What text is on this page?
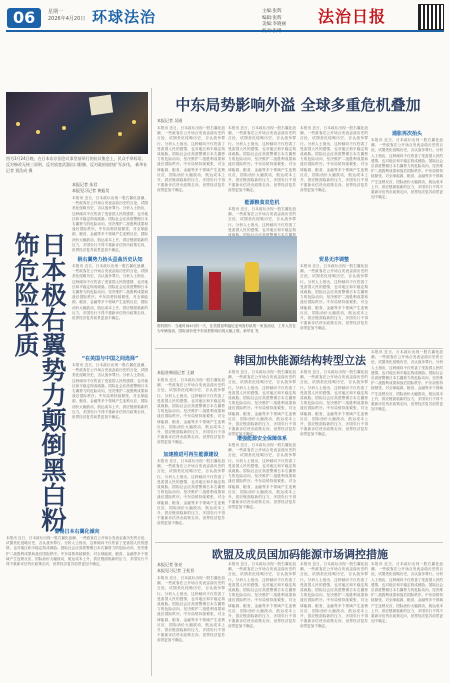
06	星期一
2026年4月20日 环球法治	主编:张辉
编辑:张辉
美编:李晓丽 法治日报
图为3月24日晚，在日本东京国会议事堂前举行的抗议集会上，民众手举标语，反对修改无核三原则、反对放宽武器出口限制、反对政府加快扩军步伐。 新华社记者 贾浩成 摄
日本极右翼势力颠倒黑白粉饰危险本质
本报记者 朱君
本报见习记者 黄振昊
本报讯 近日，日本政坛出现一股右翼化浪潮，一些政客在公开场合发表歪曲历史的言论，试图美化侵略历史，否认战争罪行。分析人士指出，这种倾向不仅伤害了受害国人民的感情，也对地区和平稳定构成威胁。国际社会应高度警惕日本右翼势力的危险动向，坚决维护二战胜利成果和战后国际秩序。中东局势持续紧张，对全球能源、粮食、金融等多个领域产生连锁反应，国际油价大幅波动，航运成本上升，供应链面临新的压力，多国央行不得不重新评估货币政策走向，世界经济复苏前景更加不确定。
极右翼势力抬头歪曲历史认知
本报讯 近日，日本政坛出现一股右翼化浪潮，一些政客在公开场合发表歪曲历史的言论，试图美化侵略历史，否认战争罪行。分析人士指出，这种倾向不仅伤害了受害国人民的感情，也对地区和平稳定构成威胁。国际社会应高度警惕日本右翼势力的危险动向，坚决维护二战胜利成果和战后国际秩序。中东局势持续紧张，对全球能源、粮食、金融等多个领域产生连锁反应，国际油价大幅波动，航运成本上升，供应链面临新的压力，多国央行不得不重新评估货币政策走向，世界经济复苏前景更加不确定。
“在美国与中国之间选择”
本报讯 近日，日本政坛出现一股右翼化浪潮，一些政客在公开场合发表歪曲历史的言论，试图美化侵略历史，否认战争罪行。分析人士指出，这种倾向不仅伤害了受害国人民的感情，也对地区和平稳定构成威胁。国际社会应高度警惕日本右翼势力的危险动向，坚决维护二战胜利成果和战后国际秩序。中东局势持续紧张，对全球能源、粮食、金融等多个领域产生连锁反应，国际油价大幅波动，航运成本上升，供应链面临新的压力，多国央行不得不重新评估货币政策走向，世界经济复苏前景更加不确定。
警惕日本右翼化倾向
本报讯 近日，日本政坛出现一股右翼化浪潮，一些政客在公开场合发表歪曲历史的言论，试图美化侵略历史，否认战争罪行。分析人士指出，这种倾向不仅伤害了受害国人民的感情，也对地区和平稳定构成威胁。国际社会应高度警惕日本右翼势力的危险动向，坚决维护二战胜利成果和战后国际秩序。中东局势持续紧张，对全球能源、粮食、金融等多个领域产生连锁反应，国际油价大幅波动，航运成本上升，供应链面临新的压力，多国央行不得不重新评估货币政策走向，世界经济复苏前景更加不确定。
中东局势影响外溢 全球多重危机叠加
本报记者 吴刚
本报讯 近日，日本政坛出现一股右翼化浪潮，一些政客在公开场合发表歪曲历史的言论，试图美化侵略历史，否认战争罪行。分析人士指出，这种倾向不仅伤害了受害国人民的感情，也对地区和平稳定构成威胁。国际社会应高度警惕日本右翼势力的危险动向，坚决维护二战胜利成果和战后国际秩序。中东局势持续紧张，对全球能源、粮食、金融等多个领域产生连锁反应，国际油价大幅波动，航运成本上升，供应链面临新的压力，多国央行不得不重新评估货币政策走向，世界经济复苏前景更加不确定。
本报讯 近日，日本政坛出现一股右翼化浪潮，一些政客在公开场合发表歪曲历史的言论，试图美化侵略历史，否认战争罪行。分析人士指出，这种倾向不仅伤害了受害国人民的感情，也对地区和平稳定构成威胁。国际社会应高度警惕日本右翼势力的危险动向，坚决维护二战胜利成果和战后国际秩序。中东局势持续紧张，对全球能源、粮食、金融等多个领域产生连锁反应，国际油价大幅波动，航运成本上升，供应链面临新的压力，多国央行不得不重新评估货币政策走向，世界经济复苏前景更加不确定。
能源粮食双危机
本报讯 近日，日本政坛出现一股右翼化浪潮，一些政客在公开场合发表歪曲历史的言论，试图美化侵略历史，否认战争罪行。分析人士指出，这种倾向不仅伤害了受害国人民的感情，也对地区和平稳定构
本报讯 近日，日本政坛出现一股右翼化浪潮，一些政客在公开场合发表歪曲历史的言论，试图美化侵略历史，否认战争罪行。分析人士指出，这种倾向不仅伤害了受害国人民的感情，也对地区和平稳定构成威胁。国际社会应高度警惕日本右翼势力的危险动向，坚决维护二战胜利成果和战后国际秩序。中东局势持续紧张，对全球能源、粮食、金融等多个领域产生连锁反应，国际油价大幅波动，航运成本上升，供应链面临新的压力，多国央行不得不重新评估货币政策走向，世界经济复苏前景更加不确定。
贸易无序调整
本报讯 近日，日本政坛出现一股右翼化浪潮，一些政客在公开场合发表歪曲历史的言论，试图美化侵略历史，否认战争罪行。分析人士指出，这种倾向不仅伤害了受害国人民的感情，也对地区和平稳定构成威胁。国际社会应高度警惕日本右翼势力的危险动向，坚决维护二战胜利成果和战后国际秩序。中东局势持续紧张，对全球能源、粮食、金融等多个领域产生连锁反应，国际油价大幅波动，航运成本上升，供应链面临新的压力，多国央行不得不重新评估货币政策走向，世界经济复苏前景更加不确定。
通胀再次抬头
本报讯 近日，日本政坛出现一股右翼化浪潮，一些政客在公开场合发表歪曲历史的言论，试图美化侵略历史，否认战争罪行。分析人士指出，这种倾向不仅伤害了受害国人民的感情，也对地区和平稳定构成威胁。国际社会应高度警惕日本右翼势力的危险动向，坚决维护二战胜利成果和战后国际秩序。中东局势持续紧张，对全球能源、粮食、金融等多个领域产生连锁反应，国际油价大幅波动，航运成本上升，供应链面临新的压力，多国央行不得不重新评估货币政策走向，世界经济复苏前景更加不确定。
资料图片：当地时间4月的一天，在美国加利福尼亚州洛杉矶的一家加油站，工作人员在为车辆加油，国际油价受中东局势影响出现大幅上涨。新华社 发
韩国加快能源结构转型立法
本报驻韩国记者 王斌
本报讯 近日，日本政坛出现一股右翼化浪潮，一些政客在公开场合发表歪曲历史的言论，试图美化侵略历史，否认战争罪行。分析人士指出，这种倾向不仅伤害了受害国人民的感情，也对地区和平稳定构成威胁。国际社会应高度警惕日本右翼势力的危险动向，坚决维护二战胜利成果和战后国际秩序。中东局势持续紧张，对全球能源、粮食、金融等多个领域产生连锁反应，国际油价大幅波动，航运成本上升，供应链面临新的压力，多国央行不得不重新评估货币政策走向，世界经济复苏前景更加不确定。
加速推进可再生能源建设
本报讯 近日，日本政坛出现一股右翼化浪潮，一些政客在公开场合发表歪曲历史的言论，试图美化侵略历史，否认战争罪行。分析人士指出，这种倾向不仅伤害了受害国人民的感情，也对地区和平稳定构成威胁。国际社会应高度警惕日本右翼势力的危险动向，坚决维护二战胜利成果和战后国际秩序。中东局势持续紧张，对全球能源、粮食、金融等多个领域产生连锁反应，国际油价大幅波动，航运成本上升，供应链面临新的压力，多国央行不得不重新评估货币政策走向，世界经济复苏前景更加不确定。
本报讯 近日，日本政坛出现一股右翼化浪潮，一些政客在公开场合发表歪曲历史的言论，试图美化侵略历史，否认战争罪行。分析人士指出，这种倾向不仅伤害了受害国人民的感情，也对地区和平稳定构成威胁。国际社会应高度警惕日本右翼势力的危险动向，坚决维护二战胜利成果和战后国际秩序。中东局势持续紧张，对全球能源、粮食、金融等多个领域产生连锁反应，国际油价大幅波动，航运成本上升，供应链面临新的压力，多国央行不得不重新评估货币政策走向，世界经济复苏前景更加不确定。
增强能源安全保障体系
本报讯 近日，日本政坛出现一股右翼化浪潮，一些政客在公开场合发表歪曲历史的言论，试图美化侵略历史，否认战争罪行。分析人士指出，这种倾向不仅伤害了受害国人民的感情，也对地区和平稳定构成威胁。国际社会应高度警惕日本右翼势力的危险动向，坚决维护二战胜利成果和战后国际秩序。中东局势持续紧张，对全球能源、粮食、金融等多个领域产生连锁反应，国际油价大幅波动，航运成本上升，供应链面临新的压力，多国央行不得不重新评估货币政策走向，世界经济复苏前景更加不确定。
本报讯 近日，日本政坛出现一股右翼化浪潮，一些政客在公开场合发表歪曲历史的言论，试图美化侵略历史，否认战争罪行。分析人士指出，这种倾向不仅伤害了受害国人民的感情，也对地区和平稳定构成威胁。国际社会应高度警惕日本右翼势力的危险动向，坚决维护二战胜利成果和战后国际秩序。中东局势持续紧张，对全球能源、粮食、金融等多个领域产生连锁反应，国际油价大幅波动，航运成本上升，供应链面临新的压力，多国央行不得不重新评估货币政策走向，世界经济复苏前景更加不确定。
本报讯 近日，日本政坛出现一股右翼化浪潮，一些政客在公开场合发表歪曲历史的言论，试图美化侵略历史，否认战争罪行。分析人士指出，这种倾向不仅伤害了受害国人民的感情，也对地区和平稳定构成威胁。国际社会应高度警惕日本右翼势力的危险动向，坚决维护二战胜利成果和战后国际秩序。中东局势持续紧张，对全球能源、粮食、金融等多个领域产生连锁反应，国际油价大幅波动，航运成本上升，供应链面临新的压力，多国央行不得不重新评估货币政策走向，世界经济复苏前景更加不确定。
欧盟及成员国加码能源市场调控措施
本报记者 张亮
本报见习记者 王松晋
本报讯 近日，日本政坛出现一股右翼化浪潮，一些政客在公开场合发表歪曲历史的言论，试图美化侵略历史，否认战争罪行。分析人士指出，这种倾向不仅伤害了受害国人民的感情，也对地区和平稳定构成威胁。国际社会应高度警惕日本右翼势力的危险动向，坚决维护二战胜利成果和战后国际秩序。中东局势持续紧张，对全球能源、粮食、金融等多个领域产生连锁反应，国际油价大幅波动，航运成本上升，供应链面临新的压力，多国央行不得不重新评估货币政策走向，世界经济复苏前景更加不确定。
本报讯 近日，日本政坛出现一股右翼化浪潮，一些政客在公开场合发表歪曲历史的言论，试图美化侵略历史，否认战争罪行。分析人士指出，这种倾向不仅伤害了受害国人民的感情，也对地区和平稳定构成威胁。国际社会应高度警惕日本右翼势力的危险动向，坚决维护二战胜利成果和战后国际秩序。中东局势持续紧张，对全球能源、粮食、金融等多个领域产生连锁反应，国际油价大幅波动，航运成本上升，供应链面临新的压力，多国央行不得不重新评估货币政策走向，世界经济复苏前景更加不确定。
本报讯 近日，日本政坛出现一股右翼化浪潮，一些政客在公开场合发表歪曲历史的言论，试图美化侵略历史，否认战争罪行。分析人士指出，这种倾向不仅伤害了受害国人民的感情，也对地区和平稳定构成威胁。国际社会应高度警惕日本右翼势力的危险动向，坚决维护二战胜利成果和战后国际秩序。中东局势持续紧张，对全球能源、粮食、金融等多个领域产生连锁反应，国际油价大幅波动，航运成本上升，供应链面临新的压力，多国央行不得不重新评估货币政策走向，世界经济复苏前景更加不确定。
本报讯 近日，日本政坛出现一股右翼化浪潮，一些政客在公开场合发表歪曲历史的言论，试图美化侵略历史，否认战争罪行。分析人士指出，这种倾向不仅伤害了受害国人民的感情，也对地区和平稳定构成威胁。国际社会应高度警惕日本右翼势力的危险动向，坚决维护二战胜利成果和战后国际秩序。中东局势持续紧张，对全球能源、粮食、金融等多个领域产生连锁反应，国际油价大幅波动，航运成本上升，供应链面临新的压力，多国央行不得不重新评估货币政策走向，世界经济复苏前景更加不确定。
